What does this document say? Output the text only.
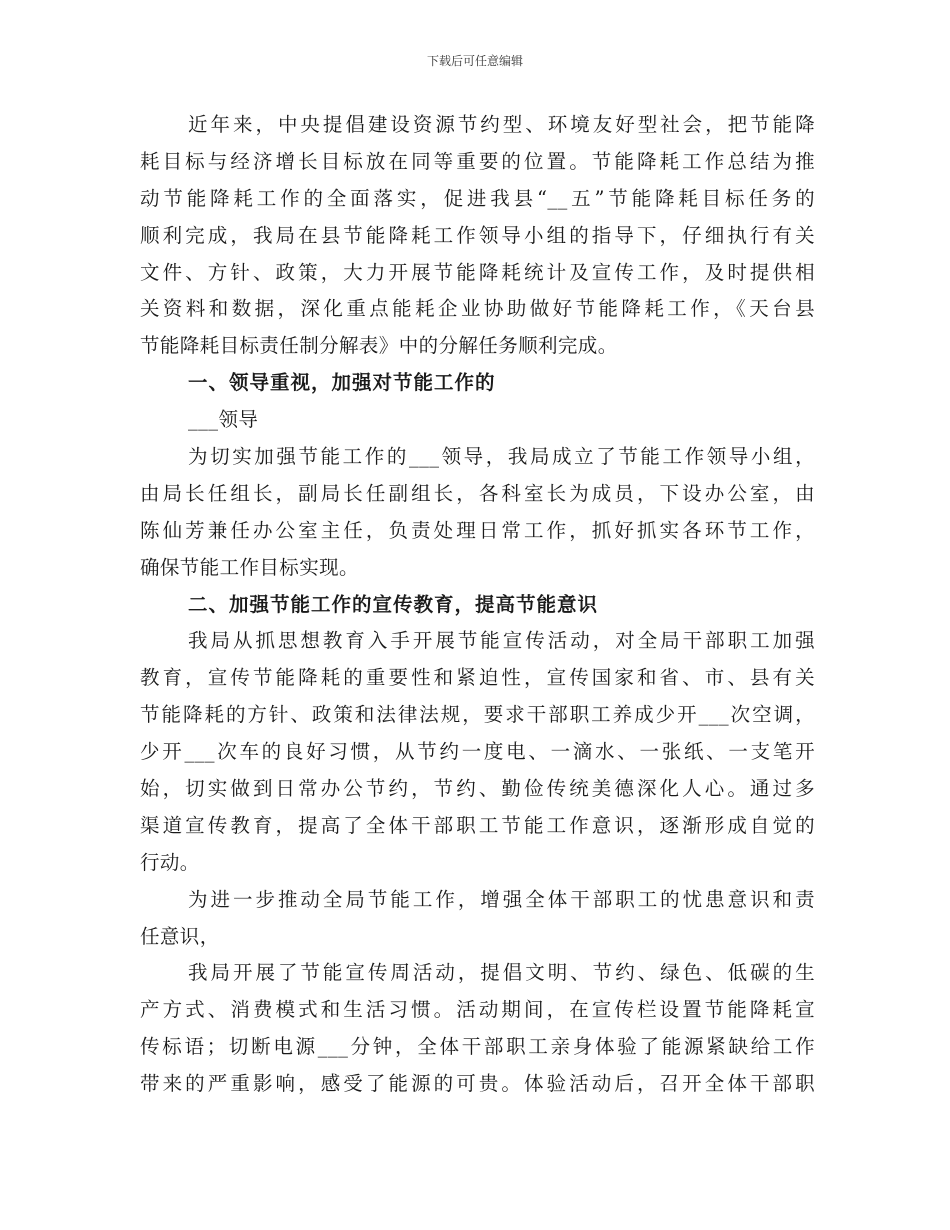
下载后可任意编辑
近年来，中央提倡建设资源节约型、环境友好型社会，把节能降
耗目标与经济增长目标放在同等重要的位置。节能降耗工作总结为推
动节能降耗工作的全面落实，促进我县“__五”节能降耗目标任务的
顺利完成，我局在县节能降耗工作领导小组的指导下，仔细执行有关
文件、方针、政策，大力开展节能降耗统计及宣传工作，及时提供相
关资料和数据，深化重点能耗企业协助做好节能降耗工作，《天台县
节能降耗目标责任制分解表》中的分解任务顺利完成。
一、领导重视，加强对节能工作的
___领导
为切实加强节能工作的___领导，我局成立了节能工作领导小组，
由局长任组长，副局长任副组长，各科室长为成员，下设办公室，由
陈仙芳兼任办公室主任，负责处理日常工作，抓好抓实各环节工作，
确保节能工作目标实现。
二、加强节能工作的宣传教育，提高节能意识
我局从抓思想教育入手开展节能宣传活动，对全局干部职工加强
教育，宣传节能降耗的重要性和紧迫性，宣传国家和省、市、县有关
节能降耗的方针、政策和法律法规，要求干部职工养成少开___次空调，
少开___次车的良好习惯，从节约一度电、一滴水、一张纸、一支笔开
始，切实做到日常办公节约，节约、勤俭传统美德深化人心。通过多
渠道宣传教育，提高了全体干部职工节能工作意识，逐渐形成自觉的
行动。
为进一步推动全局节能工作，增强全体干部职工的忧患意识和责
任意识，
我局开展了节能宣传周活动，提倡文明、节约、绿色、低碳的生
产方式、消费模式和生活习惯。活动期间，在宣传栏设置节能降耗宣
传标语；切断电源___分钟，全体干部职工亲身体验了能源紧缺给工作
带来的严重影响，感受了能源的可贵。体验活动后，召开全体干部职
